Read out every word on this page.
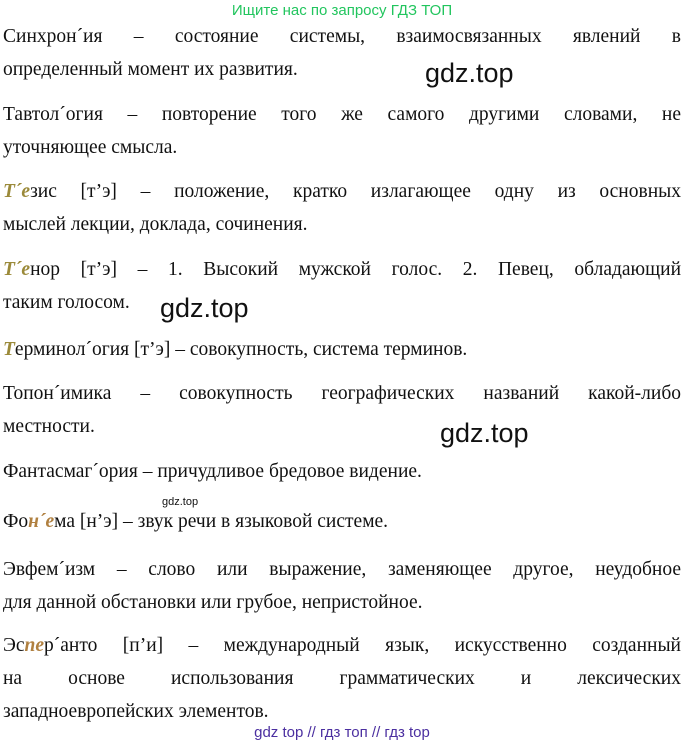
Ищите нас по запросу ГДЗ ТОП
Синхрон´ия – состояние системы, взаимосвязанных явлений в
определенный момент их развития.
Тавтол´огия – повторение того же самого другими словами, не
уточняющее смысла.
Т´езис [т’э] – положение, кратко излагающее одну из основных
мыслей лекции, доклада, сочинения.
Т´енор [т’э] – 1. Высокий мужской голос. 2. Певец, обладающий
таким голосом.
Терминол´огия [т’э] – совокупность, система терминов.
Топон´имика – совокупность географических названий какой-либо
местности.
Фантасмаг´ория – причудливое бредовое видение.
Фон´ема [н’э] – звук речи в языковой системе.
Эвфем´изм – слово или выражение, заменяющее другое, неудобное
для данной обстановки или грубое, непристойное.
Эспер´анто [п’и] – международный язык, искусственно созданный
на основе использования грамматических и лексических
западноевропейских элементов.
gdz.top
gdz.top
gdz.top
gdz.top
gdz top // гдз топ // гдз top
